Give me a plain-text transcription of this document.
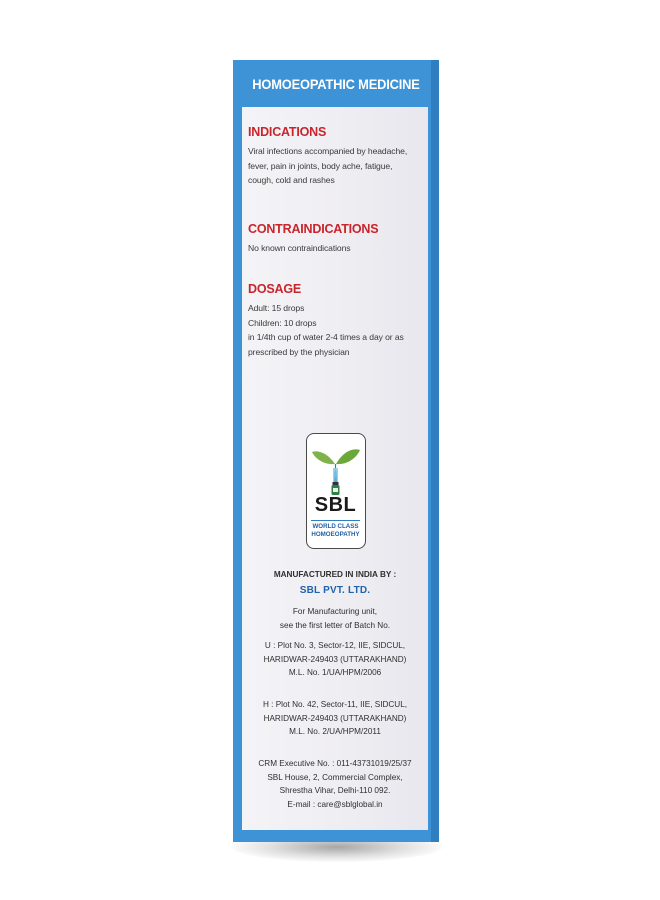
HOMOEOPATHIC MEDICINE
INDICATIONS
Viral infections accompanied by headache,
fever, pain in joints, body ache, fatigue,
cough, cold and rashes
CONTRAINDICATIONS
No known contraindications
DOSAGE
Adult: 15 drops
Children: 10 drops
in 1/4th cup of water 2-4 times a day or as
prescribed by the physician
SBL
WORLD CLASS
HOMOEOPATHY
MANUFACTURED IN INDIA BY :
SBL PVT. LTD.
For Manufacturing unit,
see the first letter of Batch No.
U : Plot No. 3, Sector-12, IIE, SIDCUL,
HARIDWAR-249403 (UTTARAKHAND)
M.L. No. 1/UA/HPM/2006
H : Plot No. 42, Sector-11, IIE, SIDCUL,
HARIDWAR-249403 (UTTARAKHAND)
M.L. No. 2/UA/HPM/2011
CRM Executive No. : 011-43731019/25/37
SBL House, 2, Commercial Complex,
Shrestha Vihar, Delhi-110 092.
E-mail : care@sblglobal.in
